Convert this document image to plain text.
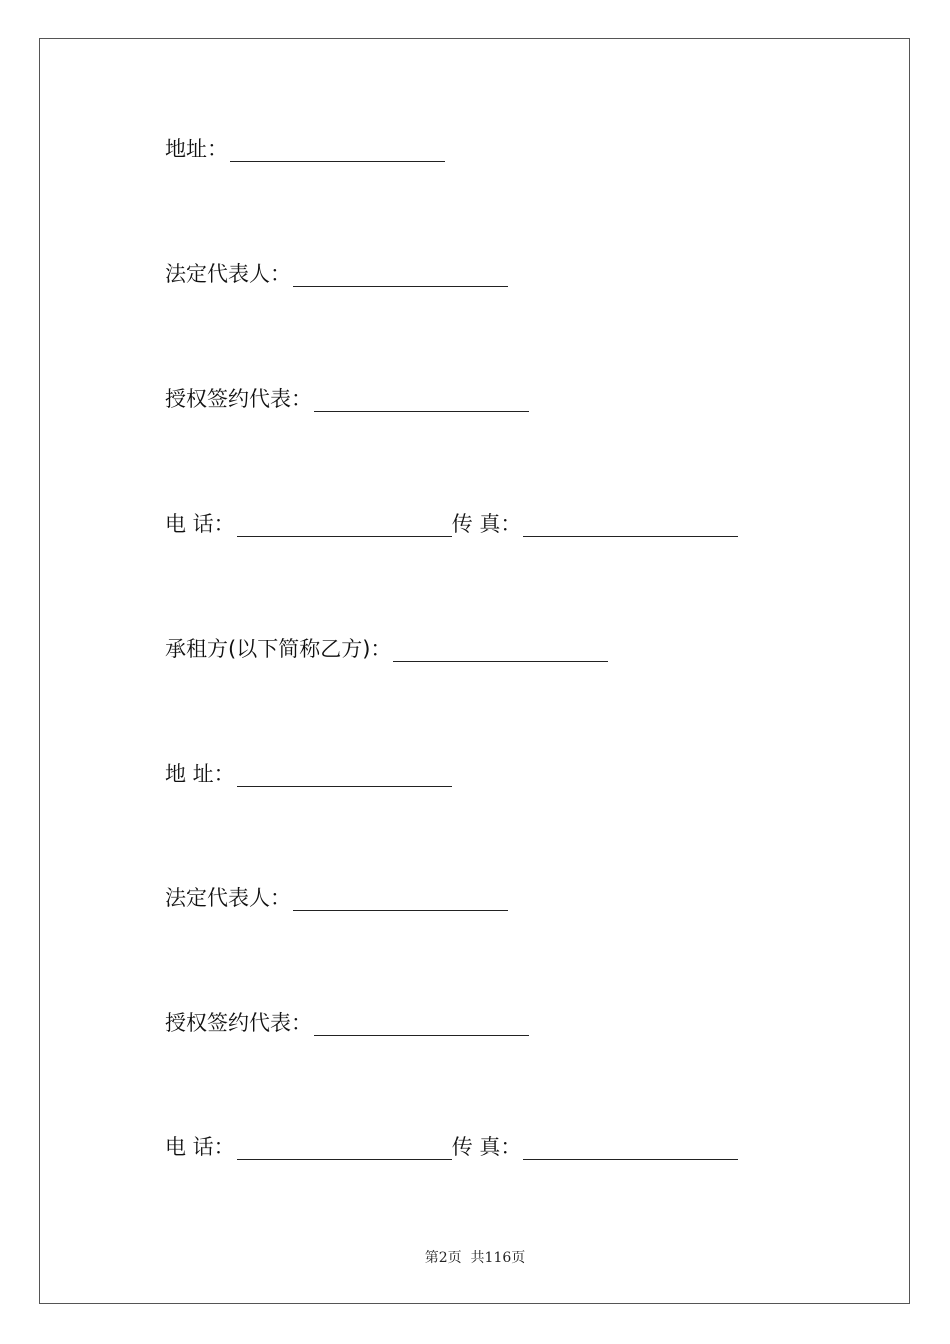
地址：
法定代表人：
授权签约代表：
电 话：	传 真：
承租方(以下简称乙方)：
地 址：
法定代表人：
授权签约代表：
电 话：	传 真：
第2页  共116页
